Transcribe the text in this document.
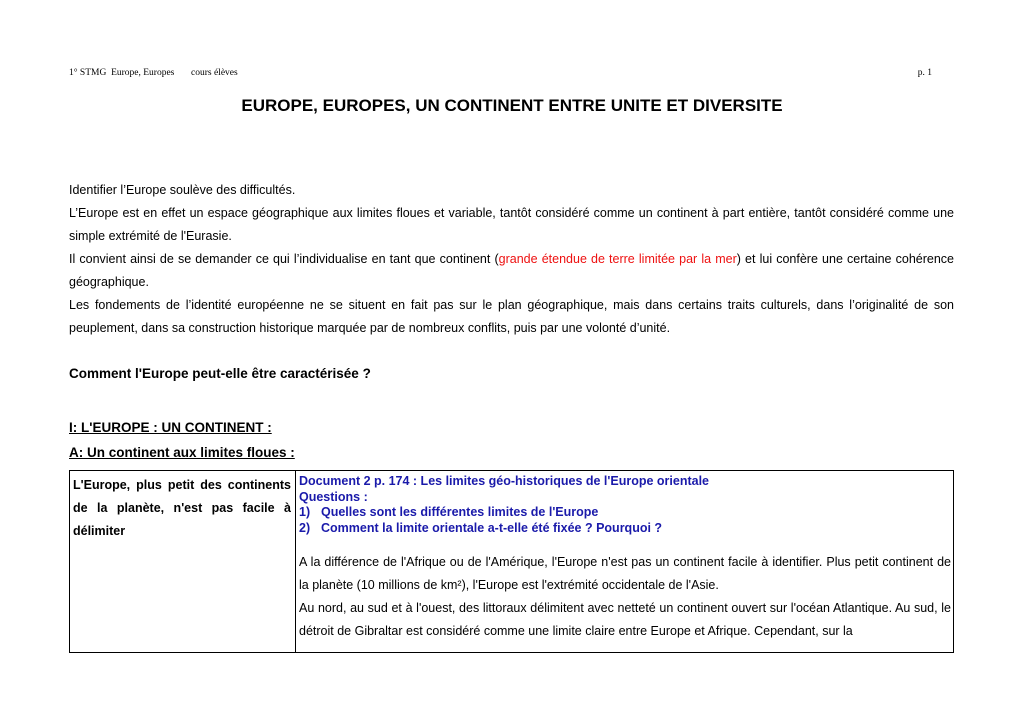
1° STMG  Europe, Europes       cours élèves	p. 1
EUROPE, EUROPES, UN CONTINENT ENTRE UNITE ET DIVERSITE

Identifier l’Europe soulève des difficultés.

L’Europe est en effet un espace géographique aux limites floues et variable, tantôt considéré comme un continent à part entière, tantôt considéré comme une simple extrémité de l'Eurasie.

Il convient ainsi de se demander ce qui l’individualise en tant que continent (grande étendue de terre limitée par la mer) et lui confère une certaine cohérence géographique.

Les fondements de l’identité européenne ne se situent en fait pas sur le plan géographique, mais dans certains traits culturels, dans l’originalité de son peuplement, dans sa construction historique marquée par de nombreux conflits, puis par une volonté d’unité.

Comment l'Europe peut-elle être caractérisée ?
I: L'EUROPE : UN CONTINENT :
A: Un continent aux limites floues :
L'Europe, plus petit des continents de la planète, n'est pas facile à délimiter
Document 2 p. 174 : Les limites géo-historiques de l'Europe orientale
Questions :
1) Quelles sont les différentes limites de l'Europe
2) Comment la limite orientale a-t-elle été fixée ? Pourquoi ?

A la différence de l'Afrique ou de l'Amérique, l'Europe n'est pas un continent facile à identifier. Plus petit continent de la planète (10 millions de km²), l'Europe est l'extrémité occidentale de l'Asie.

Au nord, au sud et à l'ouest, des littoraux délimitent avec netteté un continent ouvert sur l'océan Atlantique. Au sud, le détroit de Gibraltar est considéré comme une limite claire entre Europe et Afrique. Cependant, sur la
